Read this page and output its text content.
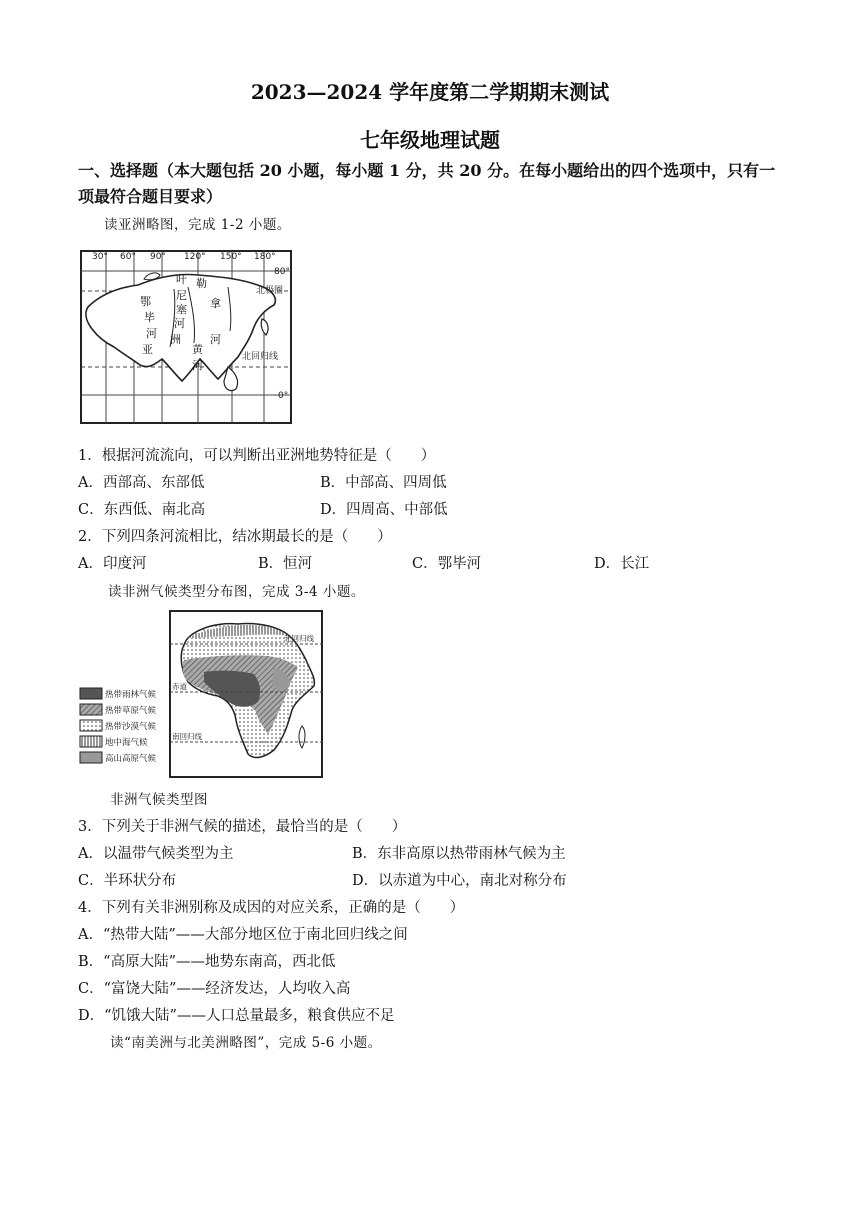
2023—2024 学年度第二学期期末测试
七年级地理试题
一、选择题（本大题包括 20 小题，每小题 1 分，共 20 分。在每小题给出的四个选项中，只有一项最符合题目要求）
读亚洲略图，完成 1-2 小题。
30° 60° 90° 120° 150° 180°
80°
0°
北极圈
北回归线
叶
尼
塞
河
鄂
毕
河 洲
亚	黄
河
勒
拿
河
1．根据河流流向，可以判断出亚洲地势特征是（　　）
A．西部高、东部低	B．中部高、四周低
C．东西低、南北高	D．四周高、中部低
2．下列四条河流相比，结冰期最长的是（　　）
A．印度河	B．恒河	C．鄂毕河	D．长江
读非洲气候类型分布图，完成 3-4 小题。
北回归线
赤道
南回归线
热带雨林气候
热带草原气候
热带沙漠气候
地中海气候
高山高原气候
非洲气候类型图
3．下列关于非洲气候的描述，最恰当的是（　　）
A．以温带气候类型为主	B．东非高原以热带雨林气候为主
C．半环状分布	D．以赤道为中心，南北对称分布
4．下列有关非洲别称及成因的对应关系，正确的是（　　）
A．“热带大陆”——大部分地区位于南北回归线之间
B．“高原大陆”——地势东南高，西北低
C．“富饶大陆”——经济发达，人均收入高
D．“饥饿大陆”——人口总量最多，粮食供应不足
读“南美洲与北美洲略图”，完成 5-6 小题。
